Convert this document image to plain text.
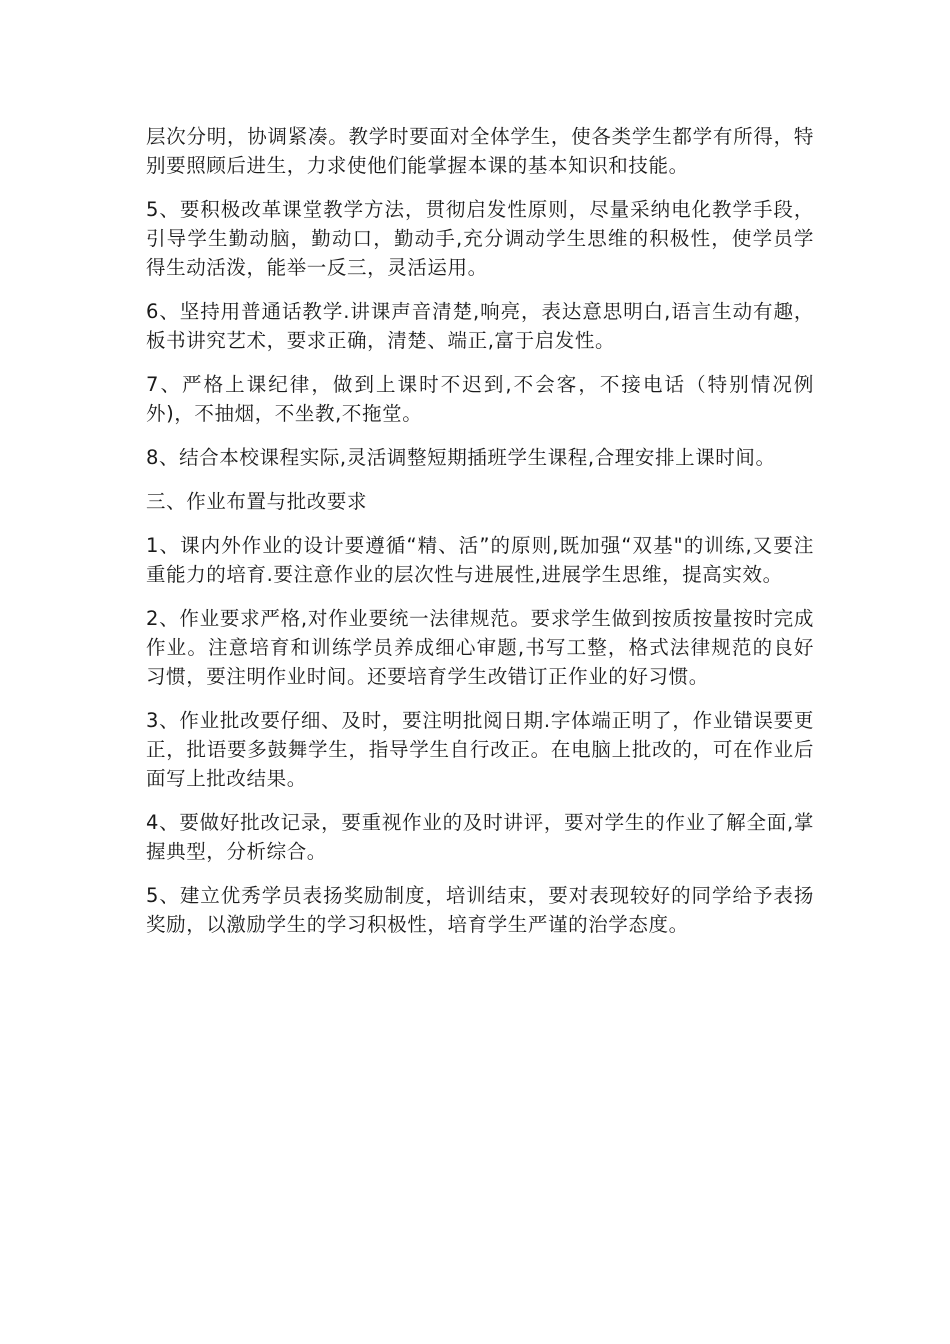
层次分明，协调紧凑。教学时要面对全体学生，使各类学生都学有所得，特别要照顾后进生，力求使他们能掌握本课的基本知识和技能。

5、要积极改革课堂教学方法，贯彻启发性原则，尽量采纳电化教学手段，引导学生勤动脑，勤动口，勤动手,充分调动学生思维的积极性，使学员学得生动活泼，能举一反三，灵活运用。

6、坚持用普通话教学.讲课声音清楚,响亮，表达意思明白,语言生动有趣，板书讲究艺术，要求正确，清楚、端正,富于启发性。

7、严格上课纪律，做到上课时不迟到,不会客，不接电话（特别情况例外)，不抽烟，不坐教,不拖堂。

8、结合本校课程实际,灵活调整短期插班学生课程,合理安排上课时间。

三、作业布置与批改要求

1、课内外作业的设计要遵循“精、活”的原则,既加强“双基"的训练,又要注重能力的培育.要注意作业的层次性与进展性,进展学生思维，提高实效。

2、作业要求严格,对作业要统一法律规范。要求学生做到按质按量按时完成作业。注意培育和训练学员养成细心审题,书写工整，格式法律规范的良好习惯，要注明作业时间。还要培育学生改错订正作业的好习惯。

3、作业批改要仔细、及时，要注明批阅日期.字体端正明了，作业错误要更正，批语要多鼓舞学生，指导学生自行改正。在电脑上批改的，可在作业后面写上批改结果。

4、要做好批改记录，要重视作业的及时讲评，要对学生的作业了解全面,掌握典型，分析综合。

5、建立优秀学员表扬奖励制度，培训结束，要对表现较好的同学给予表扬奖励，以激励学生的学习积极性，培育学生严谨的治学态度。
